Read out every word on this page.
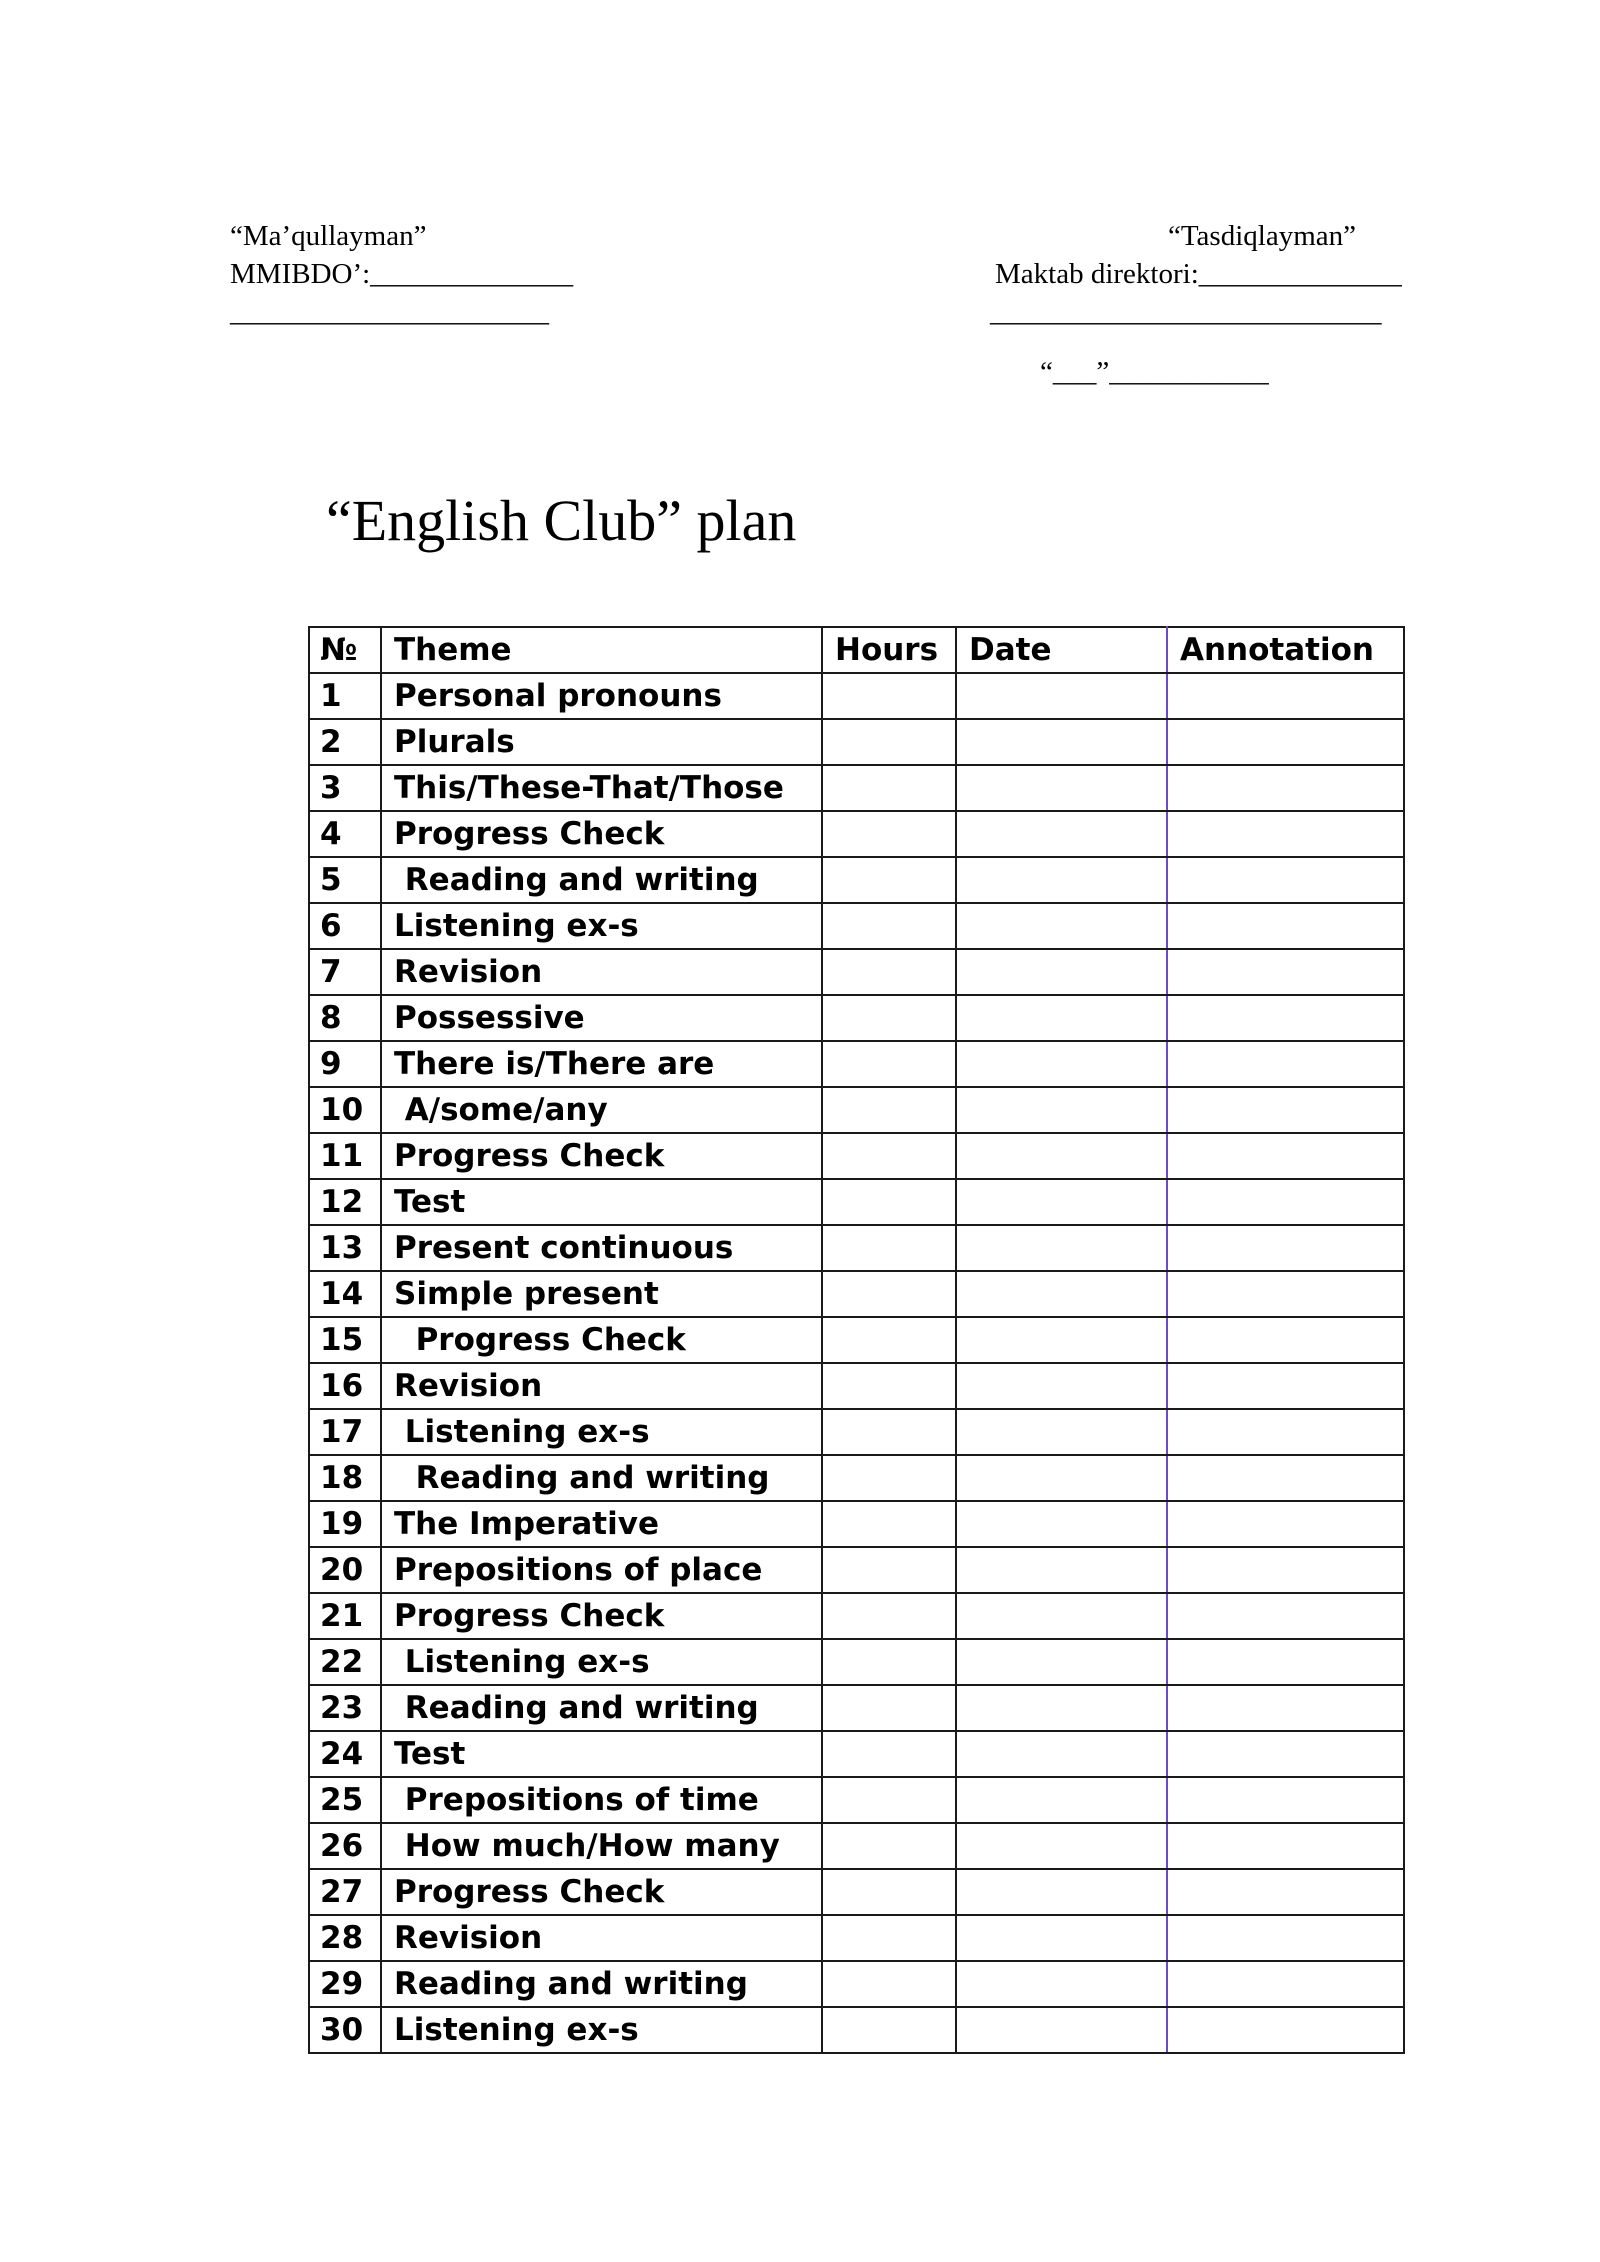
“Ma’qullayman”
MMIBDO’:______________
______________________
“Tasdiqlayman”
Maktab direktori:______________
___________________________
“___”___________
“English Club” plan
№	Theme	Hours	Date	Annotation
1	Personal pronouns			
2	Plurals			
3	This/These-That/Those			
4	Progress Check			
5	Reading and writing			
6	Listening ex-s			
7	Revision			
8	Possessive			
9	There is/There are			
10	A/some/any			
11	Progress Check			
12	Test			
13	Present continuous			
14	Simple present			
15	Progress Check			
16	Revision			
17	Listening ex-s			
18	Reading and writing			
19	The Imperative			
20	Prepositions of place			
21	Progress Check			
22	Listening ex-s			
23	Reading and writing			
24	Test			
25	Prepositions of time			
26	How much/How many			
27	Progress Check			
28	Revision			
29	Reading and writing			
30	Listening ex-s			
